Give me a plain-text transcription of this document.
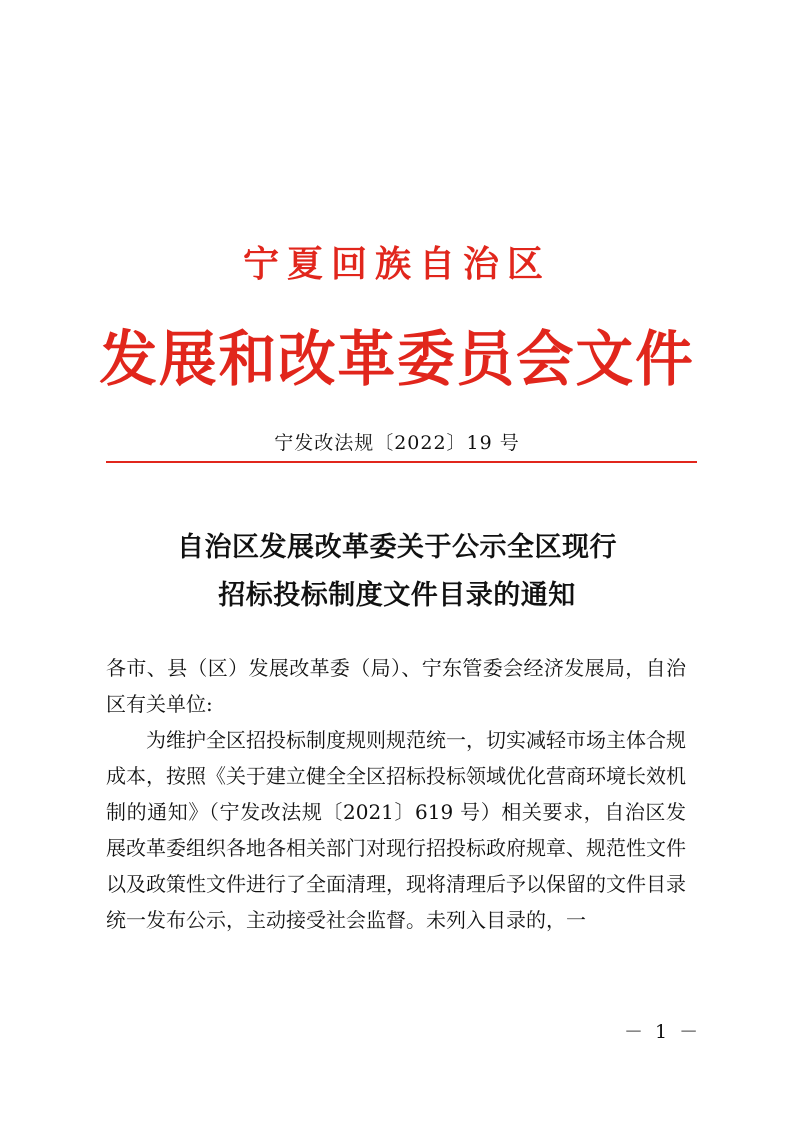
宁夏回族自治区
发展和改革委员会文件
宁发改法规〔2022〕19 号
自治区发展改革委关于公示全区现行
招标投标制度文件目录的通知

各市、县（区）发展改革委（局）、宁东管委会经济发展局，自治区有关单位:

为维护全区招投标制度规则规范统一，切实减轻市场主体合规成本，按照《关于建立健全全区招标投标领域优化营商环境长效机制的通知》（宁发改法规〔2021〕619 号）相关要求，自治区发展改革委组织各地各相关部门对现行招投标政府规章、规范性文件以及政策性文件进行了全面清理，现将清理后予以保留的文件目录统一发布公示，主动接受社会监督。未列入目录的，一

－ 1 －
